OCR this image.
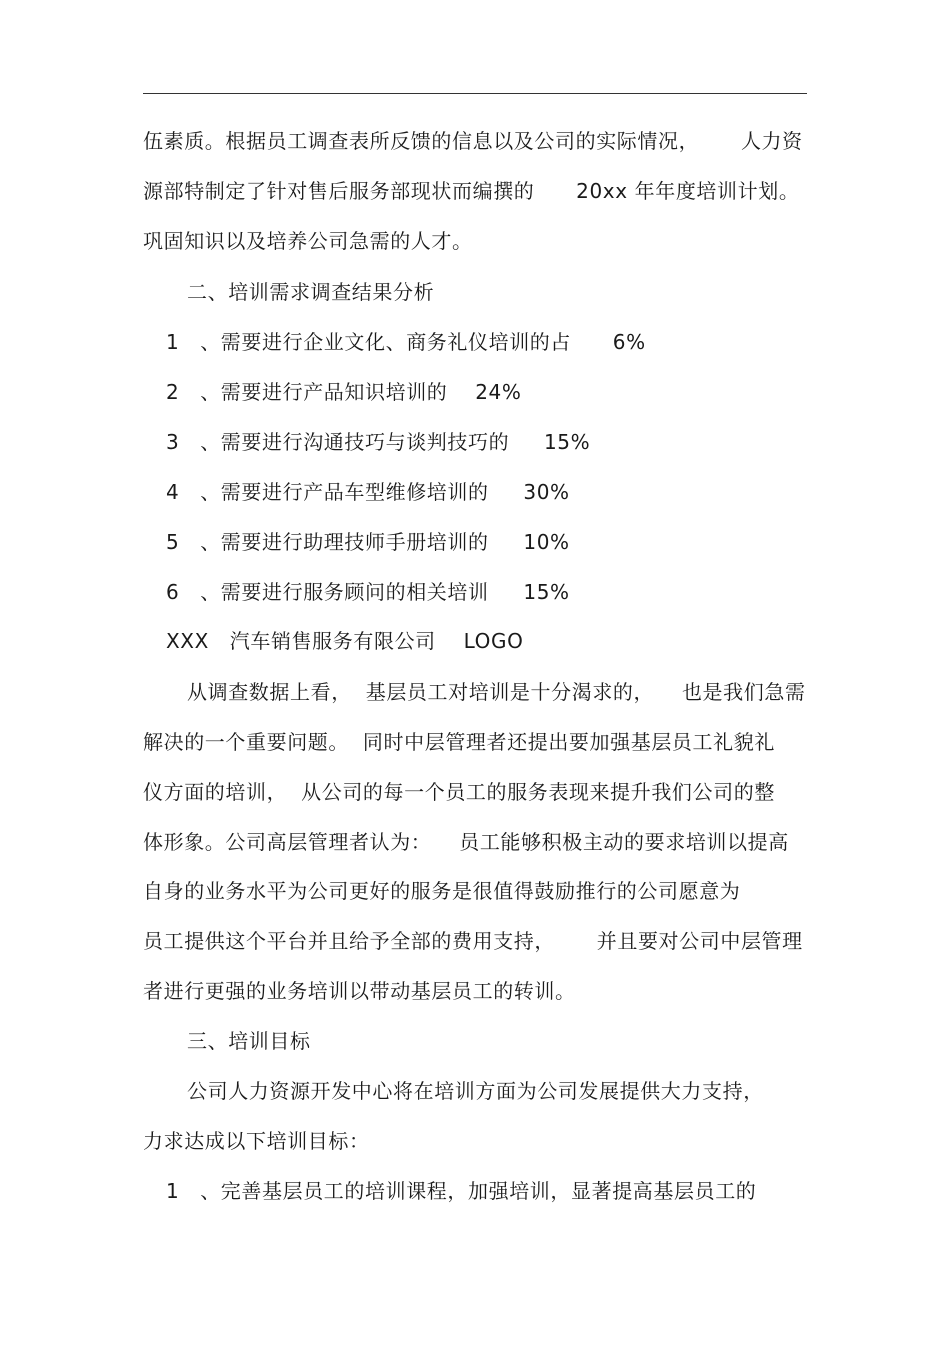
伍素质。根据员工调查表所反馈的信息以及公司的实际情况，      人力资
源部特制定了针对售后服务部现状而编撰的      20xx 年年度培训计划。
巩固知识以及培养公司急需的人才。
二、培训需求调查结果分析
1   、需要进行企业文化、商务礼仪培训的占      6%
2   、需要进行产品知识培训的    24%
3   、需要进行沟通技巧与谈判技巧的     15%
4   、需要进行产品车型维修培训的     30%
5   、需要进行助理技师手册培训的     10%
6   、需要进行服务顾问的相关培训     15%
XXX   汽车销售服务有限公司    LOGO
从调查数据上看，  基层员工对培训是十分渴求的，    也是我们急需
解决的一个重要问题。  同时中层管理者还提出要加强基层员工礼貌礼
仪方面的培训，  从公司的每一个员工的服务表现来提升我们公司的整
体形象。公司高层管理者认为：    员工能够积极主动的要求培训以提高
自身的业务水平为公司更好的服务是很值得鼓励推行的公司愿意为
员工提供这个平台并且给予全部的费用支持，      并且要对公司中层管理
者进行更强的业务培训以带动基层员工的转训。
三、培训目标
公司人力资源开发中心将在培训方面为公司发展提供大力支持，
力求达成以下培训目标：
1   、完善基层员工的培训课程，加强培训，显著提高基层员工的
